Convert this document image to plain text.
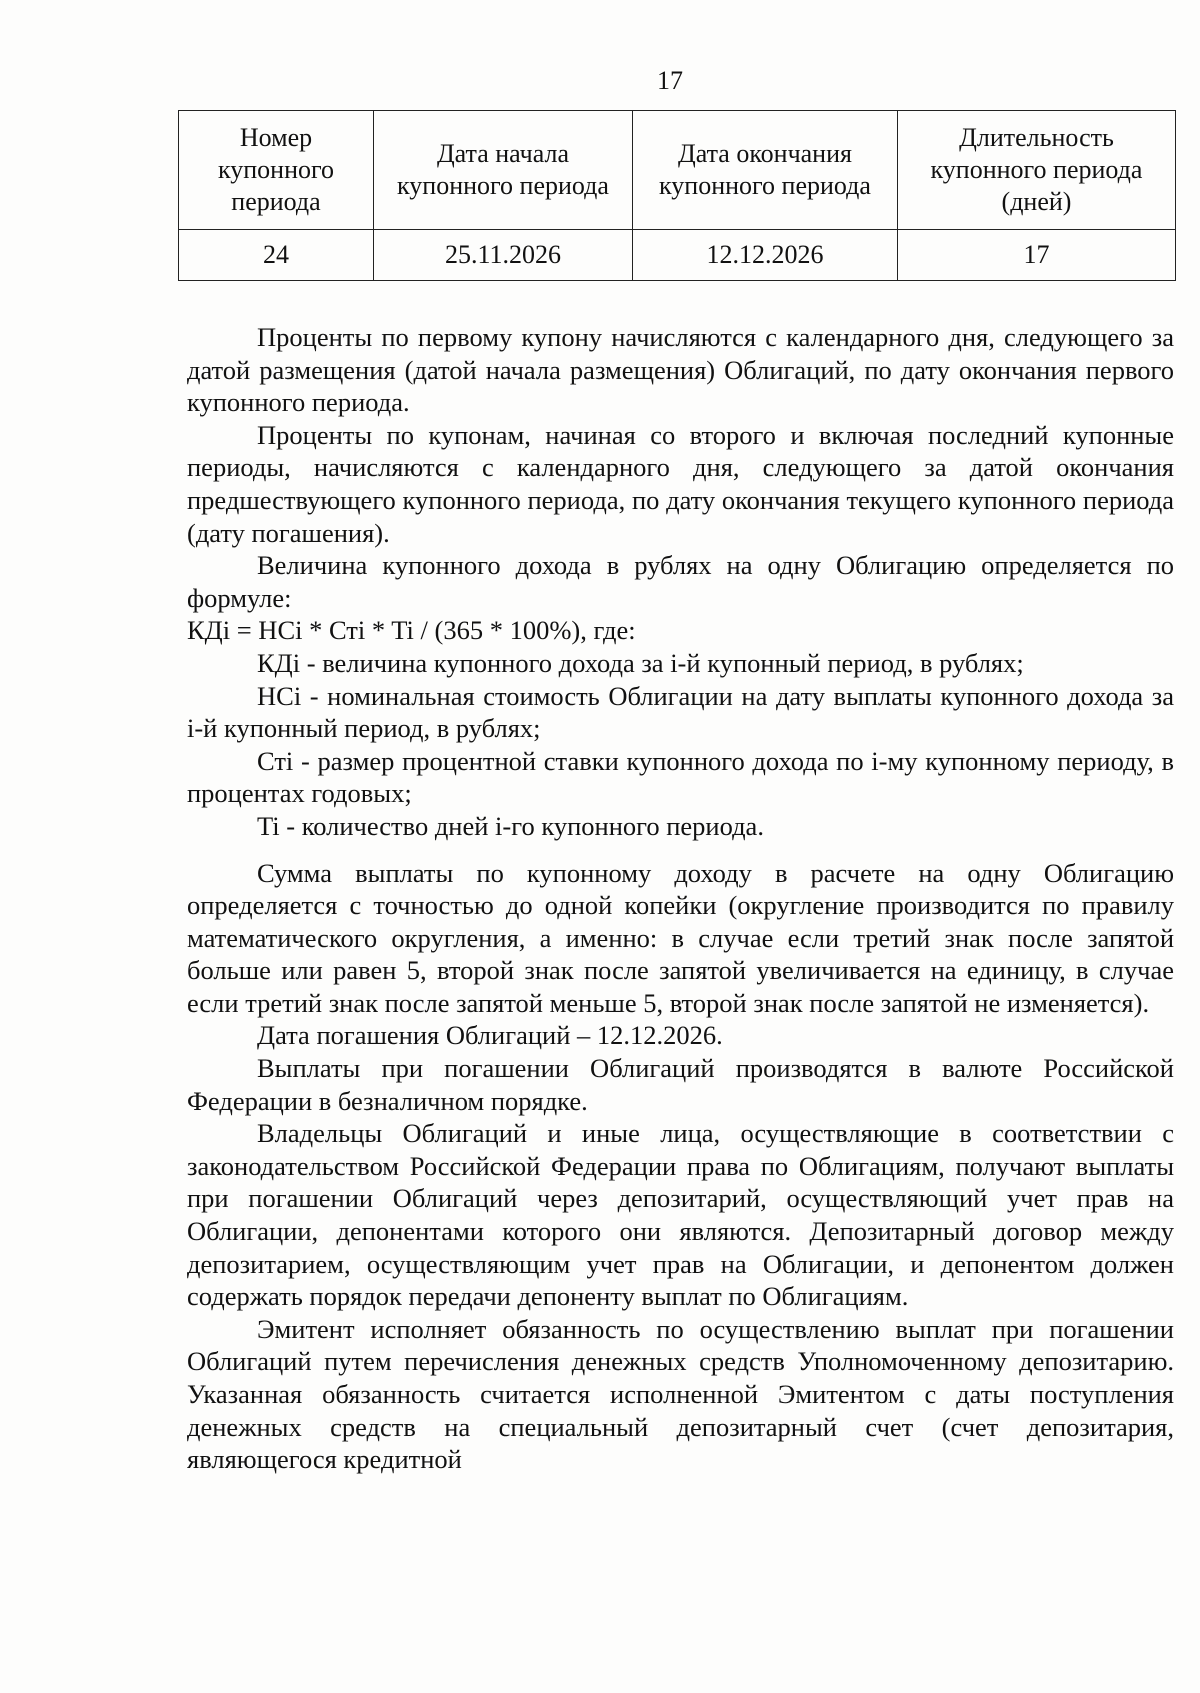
17
Номер купонного периода	Дата начала купонного периода	Дата окончания купонного периода	Длительность купонного периода (дней)
24	25.11.2026	12.12.2026	17

Проценты по первому купону начисляются с календарного дня, следующего за датой размещения (датой начала размещения) Облигаций, по дату окончания первого купонного периода.

Проценты по купонам, начиная со второго и включая последний купонные периоды, начисляются с календарного дня, следующего за датой окончания предшествующего купонного периода, по дату окончания текущего купонного периода (дату погашения).

Величина купонного дохода в рублях на одну Облигацию определяется по формуле:

КДi = НСi * Стi * Ti / (365 * 100%), где:

КДi - величина купонного дохода за i-й купонный период, в рублях;

НСi - номинальная стоимость Облигации на дату выплаты купонного дохода за i-й купонный период, в рублях;

Стi - размер процентной ставки купонного дохода по i-му купонному периоду, в процентах годовых;

Ti - количество дней i-го купонного периода.

Сумма выплаты по купонному доходу в расчете на одну Облигацию определяется с точностью до одной копейки (округление производится по правилу математического округления, а именно: в случае если третий знак после запятой больше или равен 5, второй знак после запятой увеличивается на единицу, в случае если третий знак после запятой меньше 5, второй знак после запятой не изменяется).

Дата погашения Облигаций – 12.12.2026.

Выплаты при погашении Облигаций производятся в валюте Российской Федерации в безналичном порядке.

Владельцы Облигаций и иные лица, осуществляющие в соответствии с законодательством Российской Федерации права по Облигациям, получают выплаты при погашении Облигаций через депозитарий, осуществляющий учет прав на Облигации, депонентами которого они являются. Депозитарный договор между депозитарием, осуществляющим учет прав на Облигации, и депонентом должен содержать порядок передачи депоненту выплат по Облигациям.

Эмитент исполняет обязанность по осуществлению выплат при погашении Облигаций путем перечисления денежных средств Уполномоченному депозитарию. Указанная обязанность считается исполненной Эмитентом с даты поступления денежных средств на специальный депозитарный счет (счет депозитария, являющегося кредитной
